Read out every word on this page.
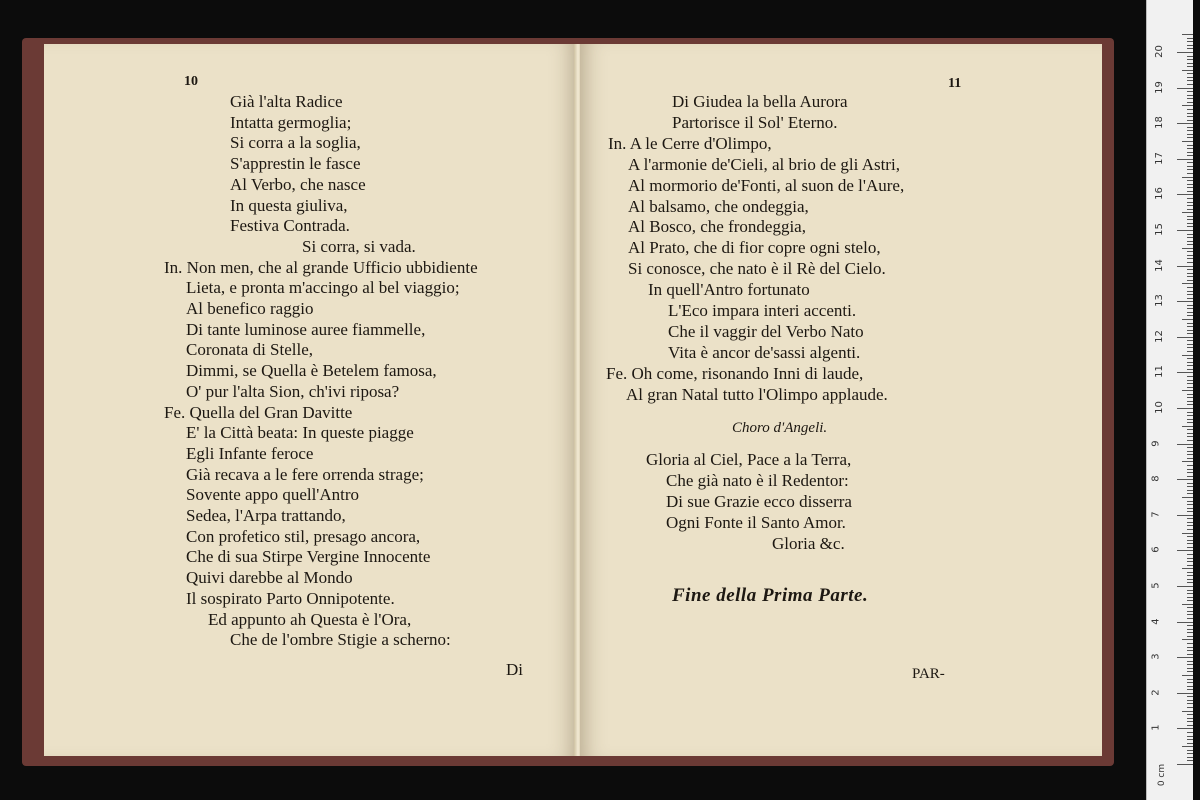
10
Già l'alta Radice
Intatta germoglia;
Si corra a la soglia,
S'apprestin le fasce
Al Verbo, che nasce
In questa giuliva,
Festiva Contrada.
Si corra, si vada.
In. Non men, che al grande Ufficio ubbidiente
Lieta, e pronta m'accingo al bel viaggio;
Al benefico raggio
Di tante luminose auree fiammelle,
Coronata di Stelle,
Dimmi, se Quella è Betelem famosa,
O' pur l'alta Sion, ch'ivi riposa?
Fe. Quella del Gran Davitte
E' la Città beata: In queste piagge
Egli Infante feroce
Già recava a le fere orrenda strage;
Sovente appo quell'Antro
Sedea, l'Arpa trattando,
Con profetico stil, presago ancora,
Che di sua Stirpe Vergine Innocente
Quivi darebbe al Mondo
Il sospirato Parto Onnipotente.
Ed appunto ah Questa è l'Ora,
Che de l'ombre Stigie a scherno:
Di
11
Di Giudea la bella Aurora
Partorisce il Sol' Eterno.
In. A le Cerre d'Olimpo,
A l'armonie de'Cieli, al brio de gli Astri,
Al mormorio de'Fonti, al suon de l'Aure,
Al balsamo, che ondeggia,
Al Bosco, che frondeggia,
Al Prato, che di fior copre ogni stelo,
Si conosce, che nato è il Rè del Cielo.
In quell'Antro fortunato
L'Eco impara interi accenti.
Che il vaggir del Verbo Nato
Vita è ancor de'sassi algenti.
Fe. Oh come, risonando Inni di laude,
Al gran Natal tutto l'Olimpo applaude.
Choro d'Angeli.
Gloria al Ciel, Pace a la Terra,
Che già nato è il Redentor:
Di sue Grazie ecco disserra
Ogni Fonte il Santo Amor.
Gloria &c.
Fine della Prima Parte.
PAR-
1
2
3
4
5
6
7
8
9
10
11
12
13
14
15
16
17
18
19
20
0 cm
